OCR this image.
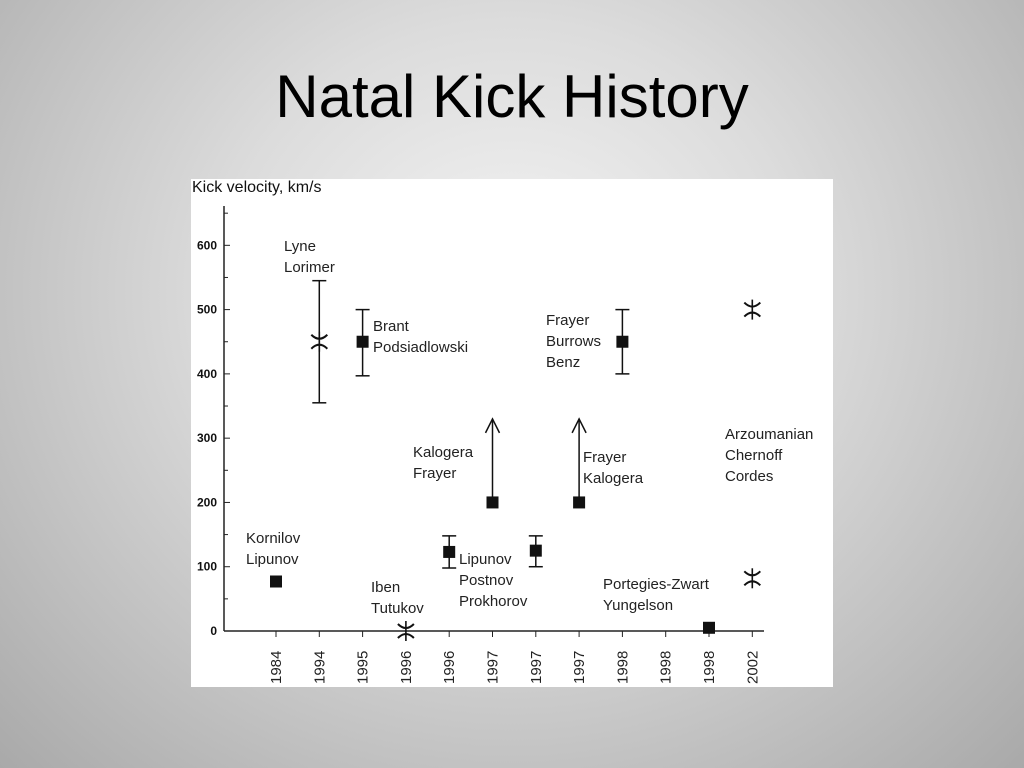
Natal Kick History
Kick velocity, km/s
0
100
200
300
400
500
600
1984 1994 1995 1996 1996 1997 1997 1997 1998 1998 1998 2002
Lyne
Lorimer
Brant
Podsiadlowski
Frayer
Burrows
Benz
Kalogera
Frayer
Frayer
Kalogera
Arzoumanian
Chernoff
Cordes
Kornilov
Lipunov	Lipunov
Postnov
Prokhorov
Iben
Tutukov
Portegies-Zwart
Yungelson
